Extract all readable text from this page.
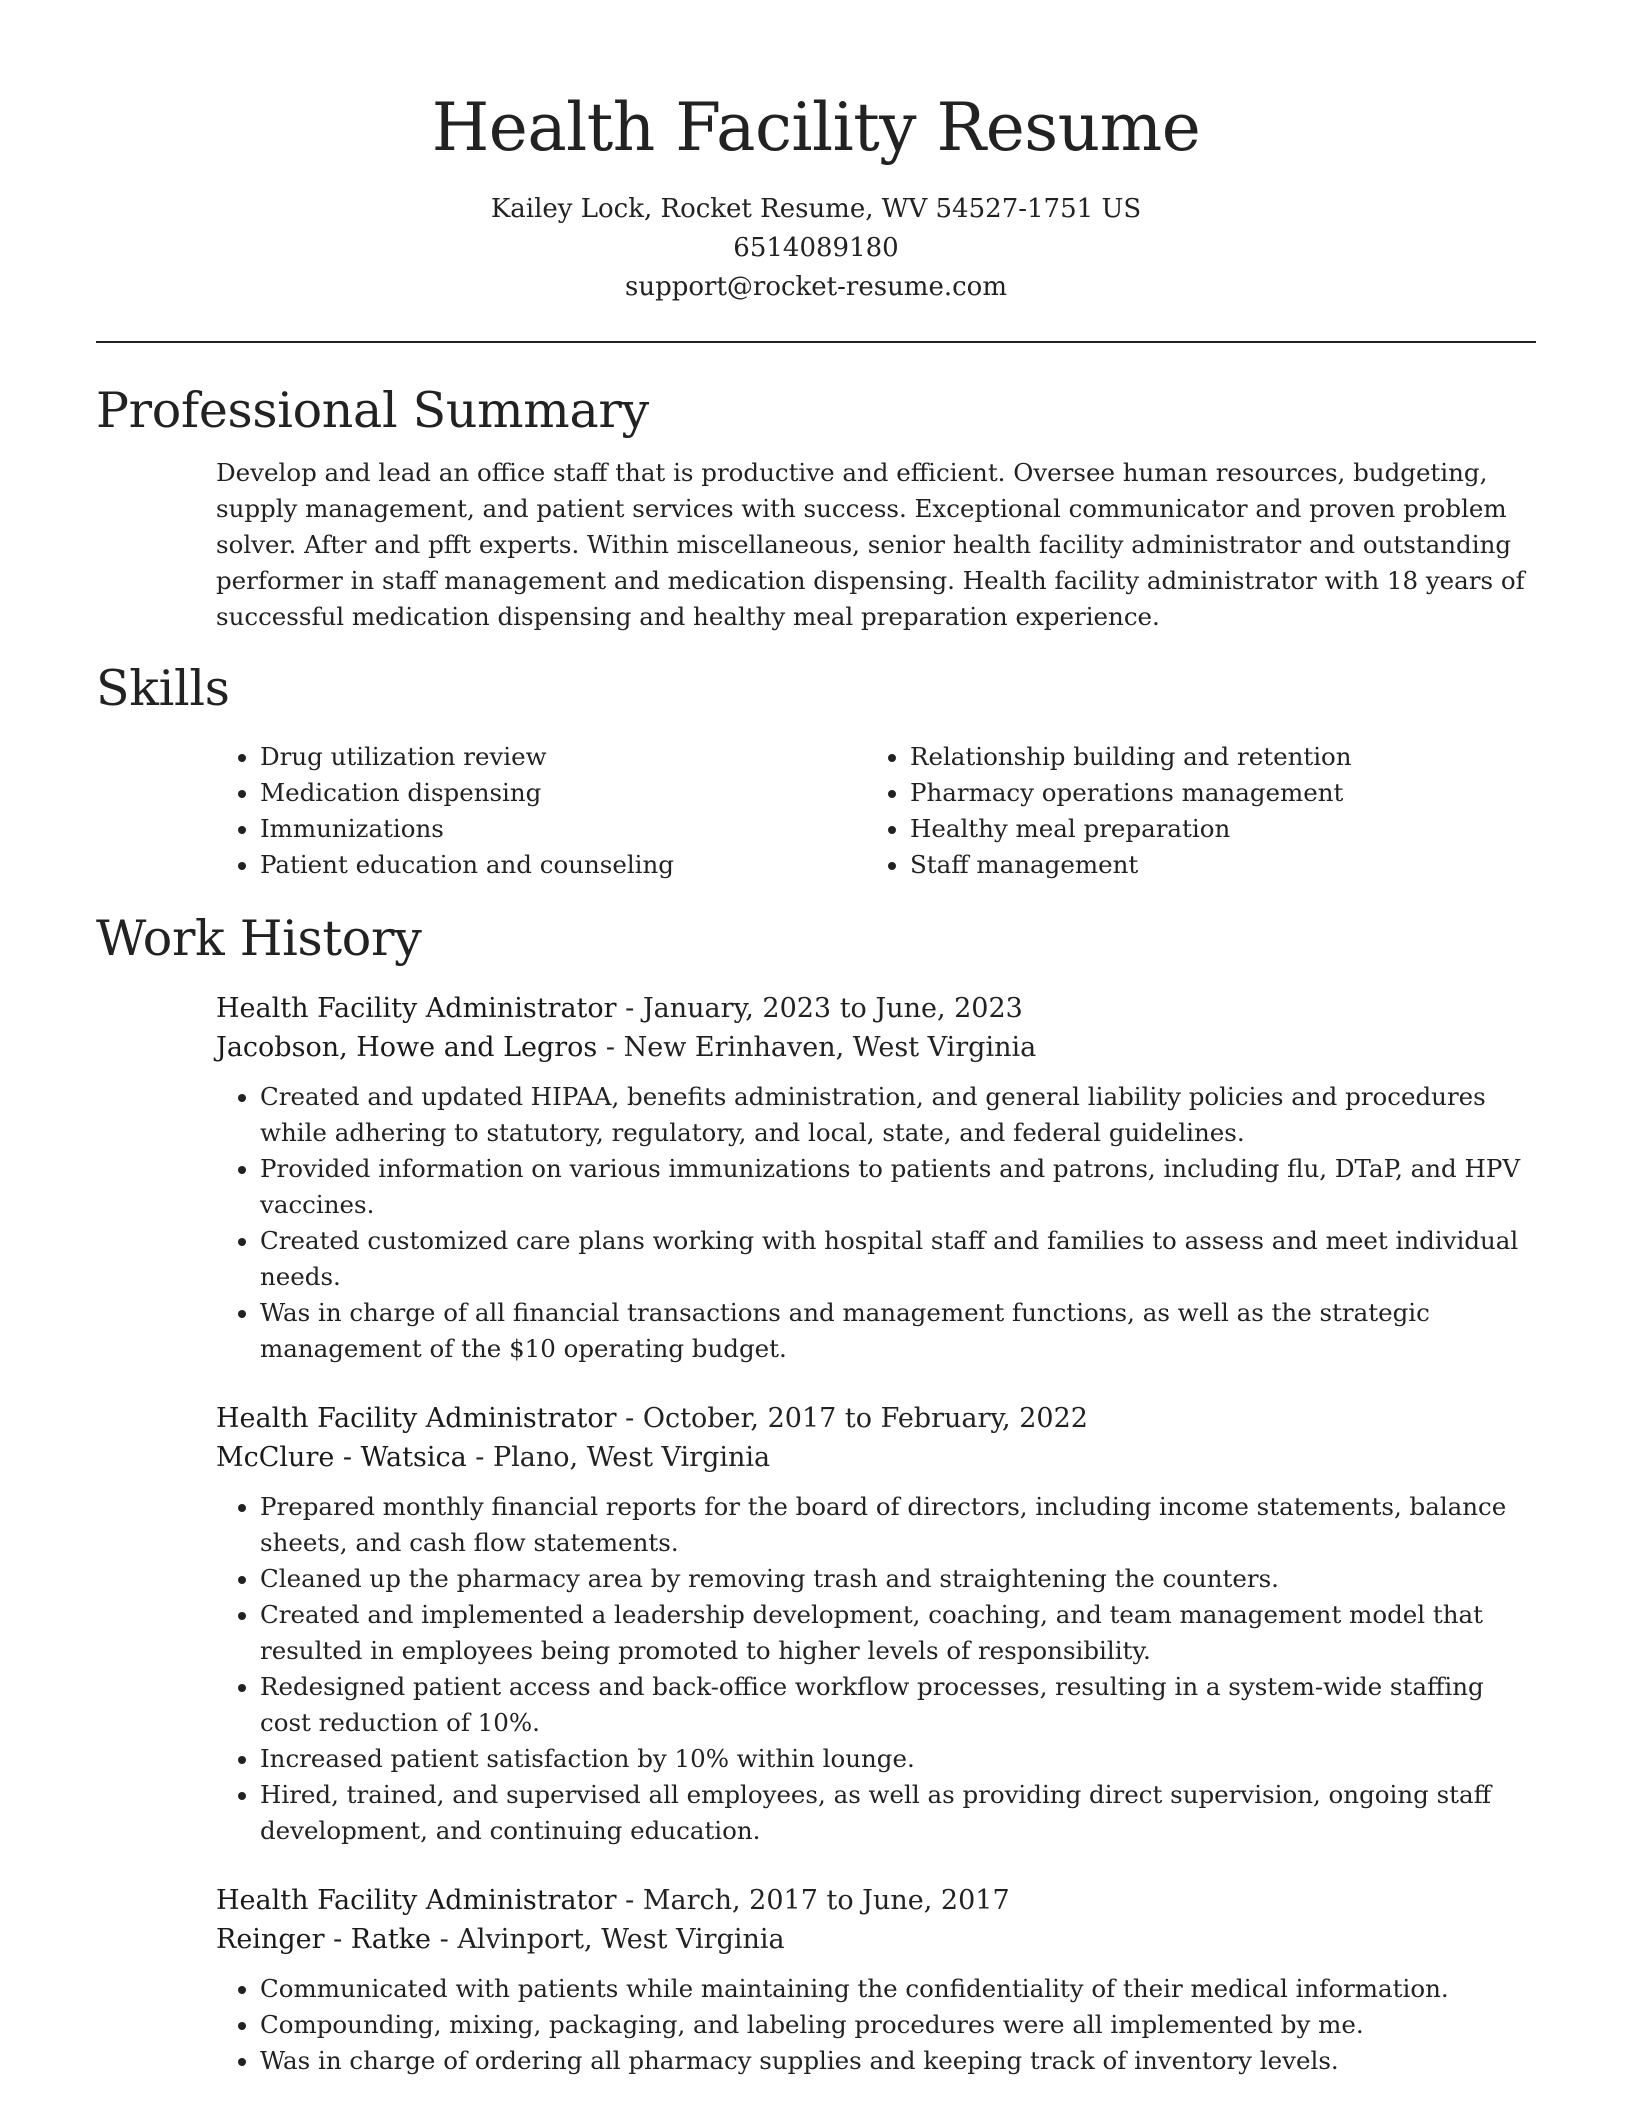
Health Facility Resume
Kailey Lock, Rocket Resume, WV 54527-1751 US
6514089180
support@rocket-resume.com
Professional Summary

Develop and lead an office staff that is productive and efficient. Oversee human resources, budgeting, supply management, and patient services with success. Exceptional communicator and proven problem solver. After and pfft experts. Within miscellaneous, senior health facility administrator and outstanding performer in staff management and medication dispensing. Health facility administrator with 18 years of successful medication dispensing and healthy meal preparation experience.

Skills
• Drug utilization review
• Medication dispensing
• Immunizations
• Patient education and counseling
• Relationship building and retention
• Pharmacy operations management
• Healthy meal preparation
• Staff management
Work History
Health Facility Administrator - January, 2023 to June, 2023
Jacobson, Howe and Legros - New Erinhaven, West Virginia
• Created and updated HIPAA, benefits administration, and general liability policies and procedures while adhering to statutory, regulatory, and local, state, and federal guidelines.
• Provided information on various immunizations to patients and patrons, including flu, DTaP, and HPV vaccines.
• Created customized care plans working with hospital staff and families to assess and meet individual needs.
• Was in charge of all financial transactions and management functions, as well as the strategic management of the $10 operating budget.
Health Facility Administrator - October, 2017 to February, 2022
McClure - Watsica - Plano, West Virginia
• Prepared monthly financial reports for the board of directors, including income statements, balance sheets, and cash flow statements.
• Cleaned up the pharmacy area by removing trash and straightening the counters.
• Created and implemented a leadership development, coaching, and team management model that resulted in employees being promoted to higher levels of responsibility.
• Redesigned patient access and back-office workflow processes, resulting in a system-wide staffing cost reduction of 10%.
• Increased patient satisfaction by 10% within lounge.
• Hired, trained, and supervised all employees, as well as providing direct supervision, ongoing staff development, and continuing education.
Health Facility Administrator - March, 2017 to June, 2017
Reinger - Ratke - Alvinport, West Virginia
• Communicated with patients while maintaining the confidentiality of their medical information.
• Compounding, mixing, packaging, and labeling procedures were all implemented by me.
• Was in charge of ordering all pharmacy supplies and keeping track of inventory levels.
